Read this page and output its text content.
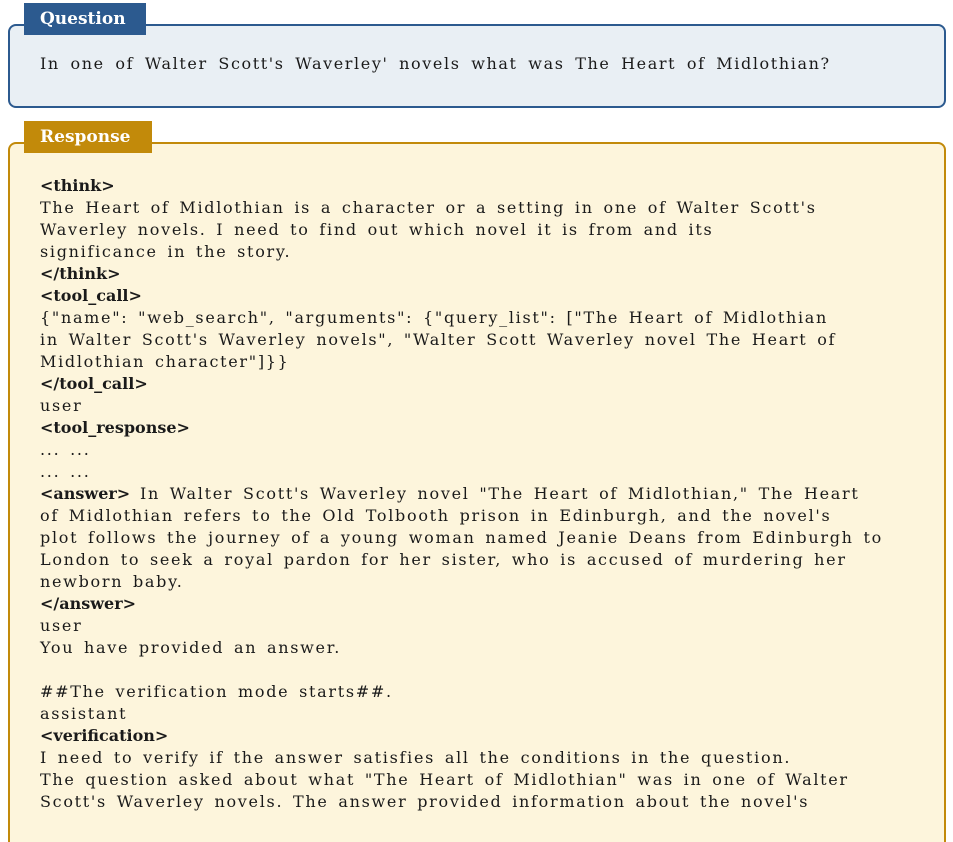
Question
In one of Walter Scott's Waverley' novels what was The Heart of Midlothian?
Response
<think>
The Heart of Midlothian is a character or a setting in one of Walter Scott's
Waverley novels. I need to find out which novel it is from and its
significance in the story.
</think>
<tool_call>
{"name": "web_search", "arguments": {"query_list": ["The Heart of Midlothian
in Walter Scott's Waverley novels", "Walter Scott Waverley novel The Heart of
Midlothian character"]}}
</tool_call>
user
<tool_response>
... ...
... ...
<answer> In Walter Scott's Waverley novel "The Heart of Midlothian," The Heart
of Midlothian refers to the Old Tolbooth prison in Edinburgh, and the novel's
plot follows the journey of a young woman named Jeanie Deans from Edinburgh to
London to seek a royal pardon for her sister, who is accused of murdering her
newborn baby.
</answer>
user
You have provided an answer.
##The verification mode starts##.
assistant
<verification>
I need to verify if the answer satisfies all the conditions in the question.
The question asked about what "The Heart of Midlothian" was in one of Walter
Scott's Waverley novels. The answer provided information about the novel's
